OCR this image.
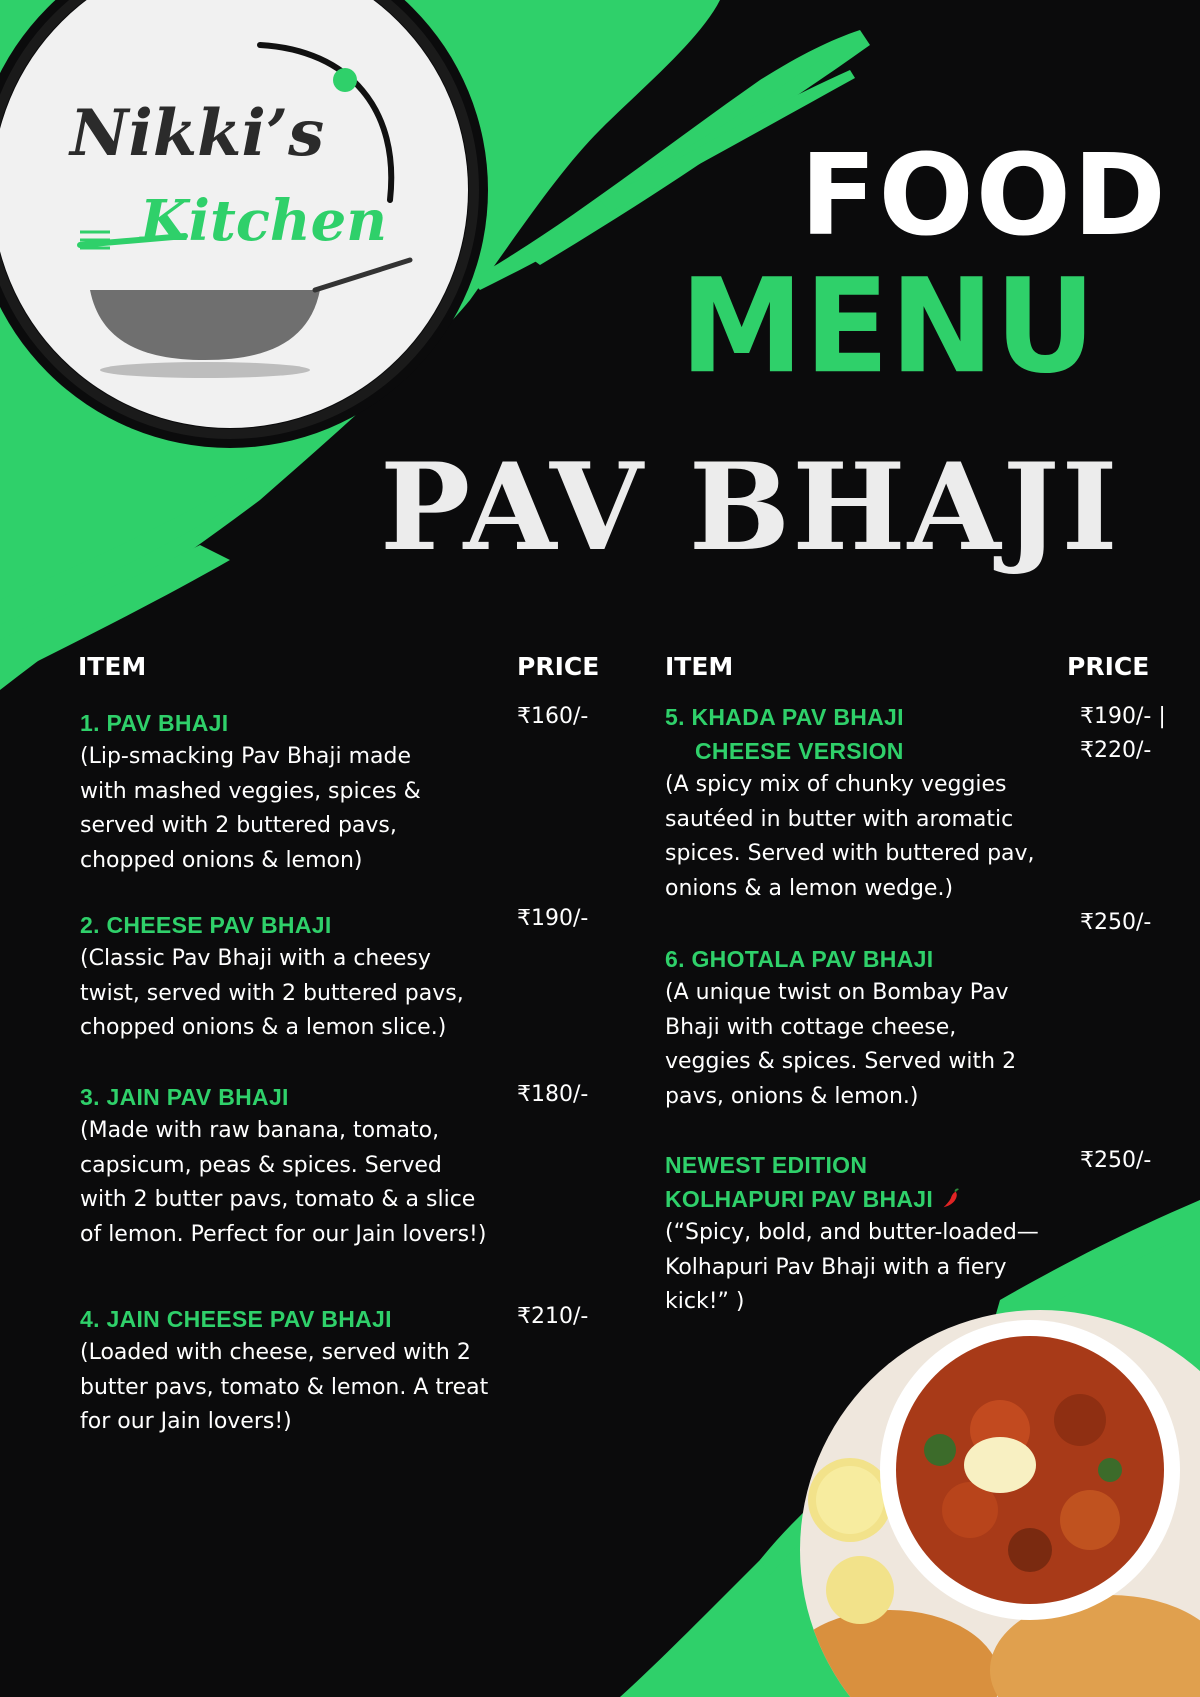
Nikki’s
Kitchen	FOOD
MENU
PAV BHAJI
ITEM	PRICE	ITEM	PRICE
1. PAV BHAJI
(Lip-smacking Pav Bhaji made
with mashed veggies, spices &
served with 2 buttered pavs,
chopped onions & lemon)
₹160/-
2. CHEESE PAV BHAJI
(Classic Pav Bhaji with a cheesy
twist, served with 2 buttered pavs,
chopped onions & a lemon slice.)
₹190/-
3. JAIN PAV BHAJI
(Made with raw banana, tomato,
capsicum, peas & spices. Served
with 2 butter pavs, tomato & a slice
of lemon. Perfect for our Jain lovers!)
₹180/-
4. JAIN CHEESE PAV BHAJI
(Loaded with cheese, served with 2
butter pavs, tomato & lemon. A treat
for our Jain lovers!)
₹210/-
5. KHADA PAV BHAJI
CHEESE VERSION
(A spicy mix of chunky veggies
sautéed in butter with aromatic
spices. Served with buttered pav,
onions & a lemon wedge.)
₹190/- |
₹220/-
6. GHOTALA PAV BHAJI
(A unique twist on Bombay Pav
Bhaji with cottage cheese,
veggies & spices. Served with 2
pavs, onions & lemon.)
₹250/-
NEWEST EDITION
KOLHAPURI PAV BHAJI
(“Spicy, bold, and butter-loaded—
Kolhapuri Pav Bhaji with a fiery
kick!” )
₹250/-
